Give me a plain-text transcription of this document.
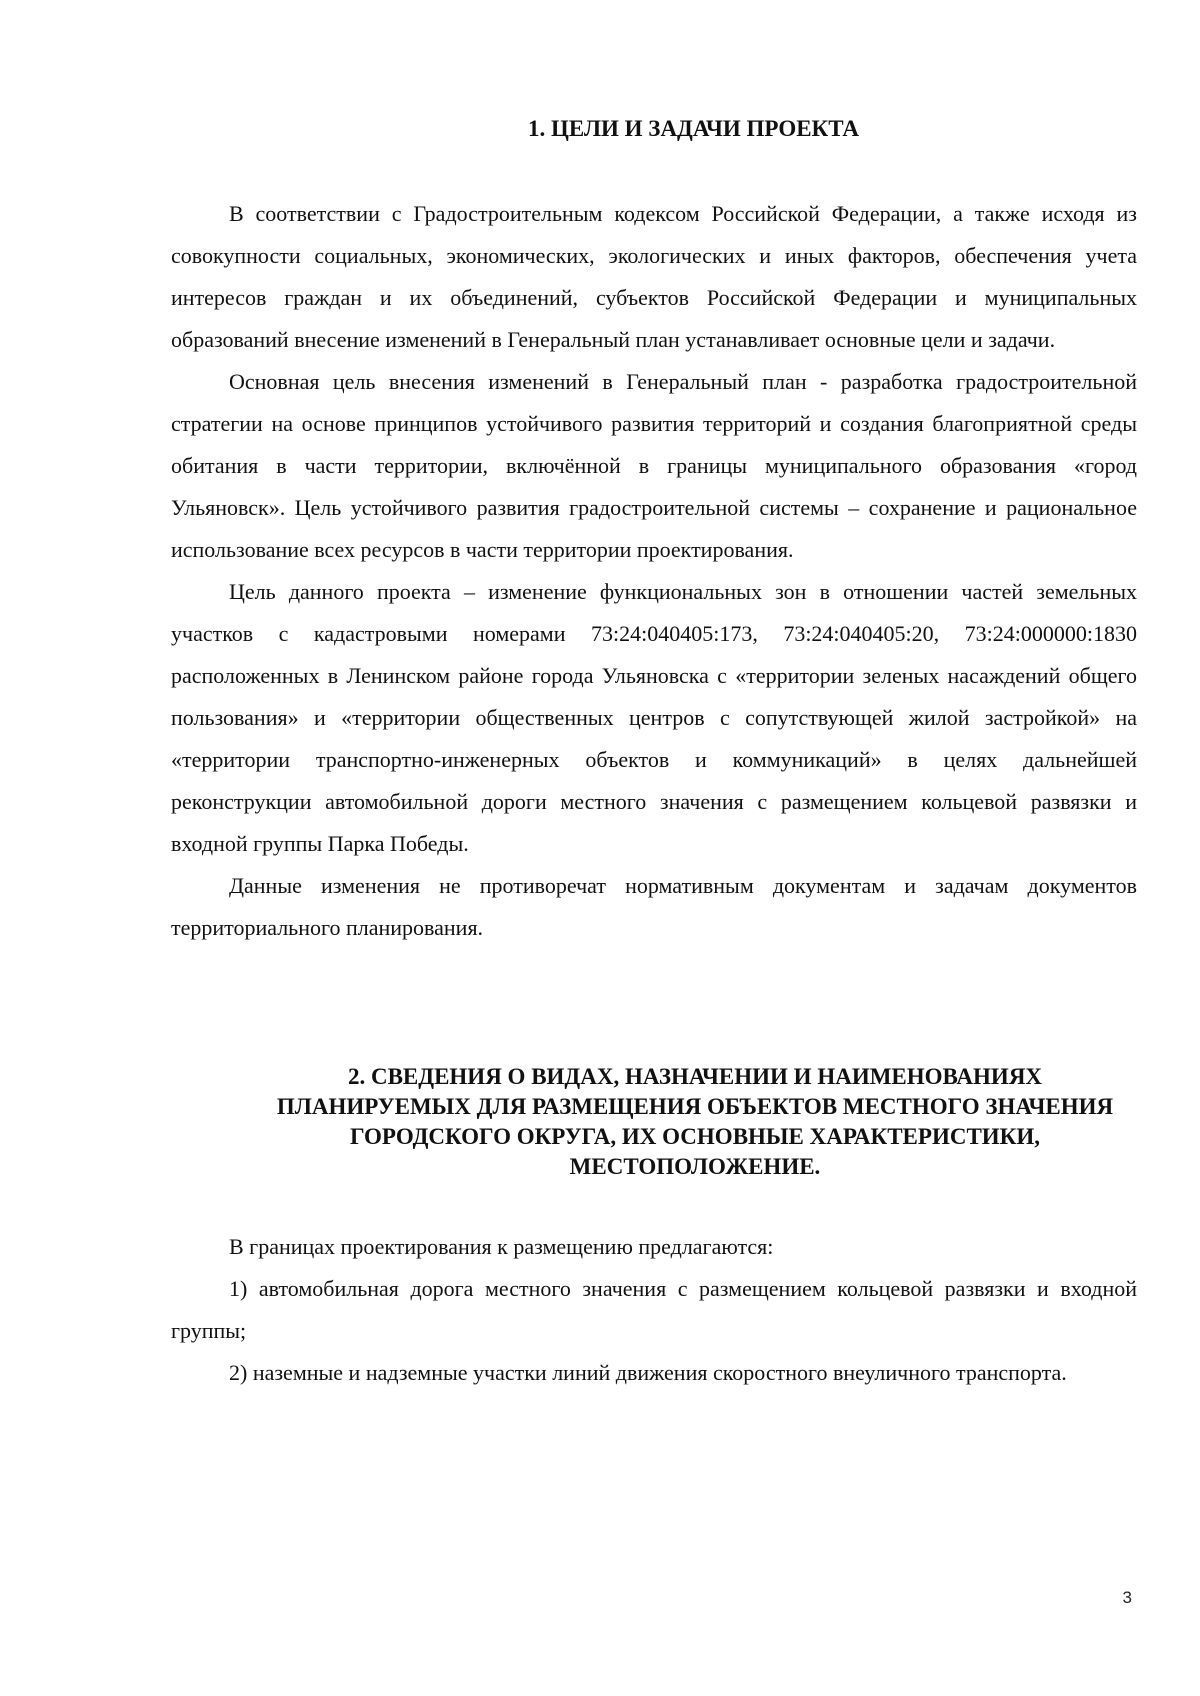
1. ЦЕЛИ И ЗАДАЧИ ПРОЕКТА

В соответствии с Градостроительным кодексом Российской Федерации, а также исходя из совокупности социальных, экономических, экологических и иных факторов, обеспечения учета интересов граждан и их объединений, субъектов Российской Федерации и муниципальных образований внесение изменений в Генеральный план устанавливает основные цели и задачи.

Основная цель внесения изменений в Генеральный план - разработка градостроительной стратегии на основе принципов устойчивого развития территорий и создания благоприятной среды обитания в части территории, включённой в границы муниципального образования «город Ульяновск». Цель устойчивого развития градостроительной системы – сохранение и рациональное использование всех ресурсов в части территории проектирования.

Цель данного проекта – изменение функциональных зон в отношении частей земельных участков с кадастровыми номерами 73:24:040405:173, 73:24:040405:20, 73:24:000000:1830 расположенных в Ленинском районе города Ульяновска с «территории зеленых насаждений общего пользования» и «территории общественных центров с сопутствующей жилой застройкой» на «территории транспортно-инженерных объектов и коммуникаций» в целях дальнейшей реконструкции автомобильной дороги местного значения с размещением кольцевой развязки и входной группы Парка Победы.

Данные изменения не противоречат нормативным документам и задачам документов территориального планирования.

2. СВЕДЕНИЯ О ВИДАХ, НАЗНАЧЕНИИ И НАИМЕНОВАНИЯХ
ПЛАНИРУЕМЫХ ДЛЯ РАЗМЕЩЕНИЯ ОБЪЕКТОВ МЕСТНОГО ЗНАЧЕНИЯ
ГОРОДСКОГО ОКРУГА, ИХ ОСНОВНЫЕ ХАРАКТЕРИСТИКИ,
МЕСТОПОЛОЖЕНИЕ.

В границах проектирования к размещению предлагаются:

1) автомобильная дорога местного значения с размещением кольцевой развязки и входной группы;

2) наземные и надземные участки линий движения скоростного внеуличного транспорта.

3
